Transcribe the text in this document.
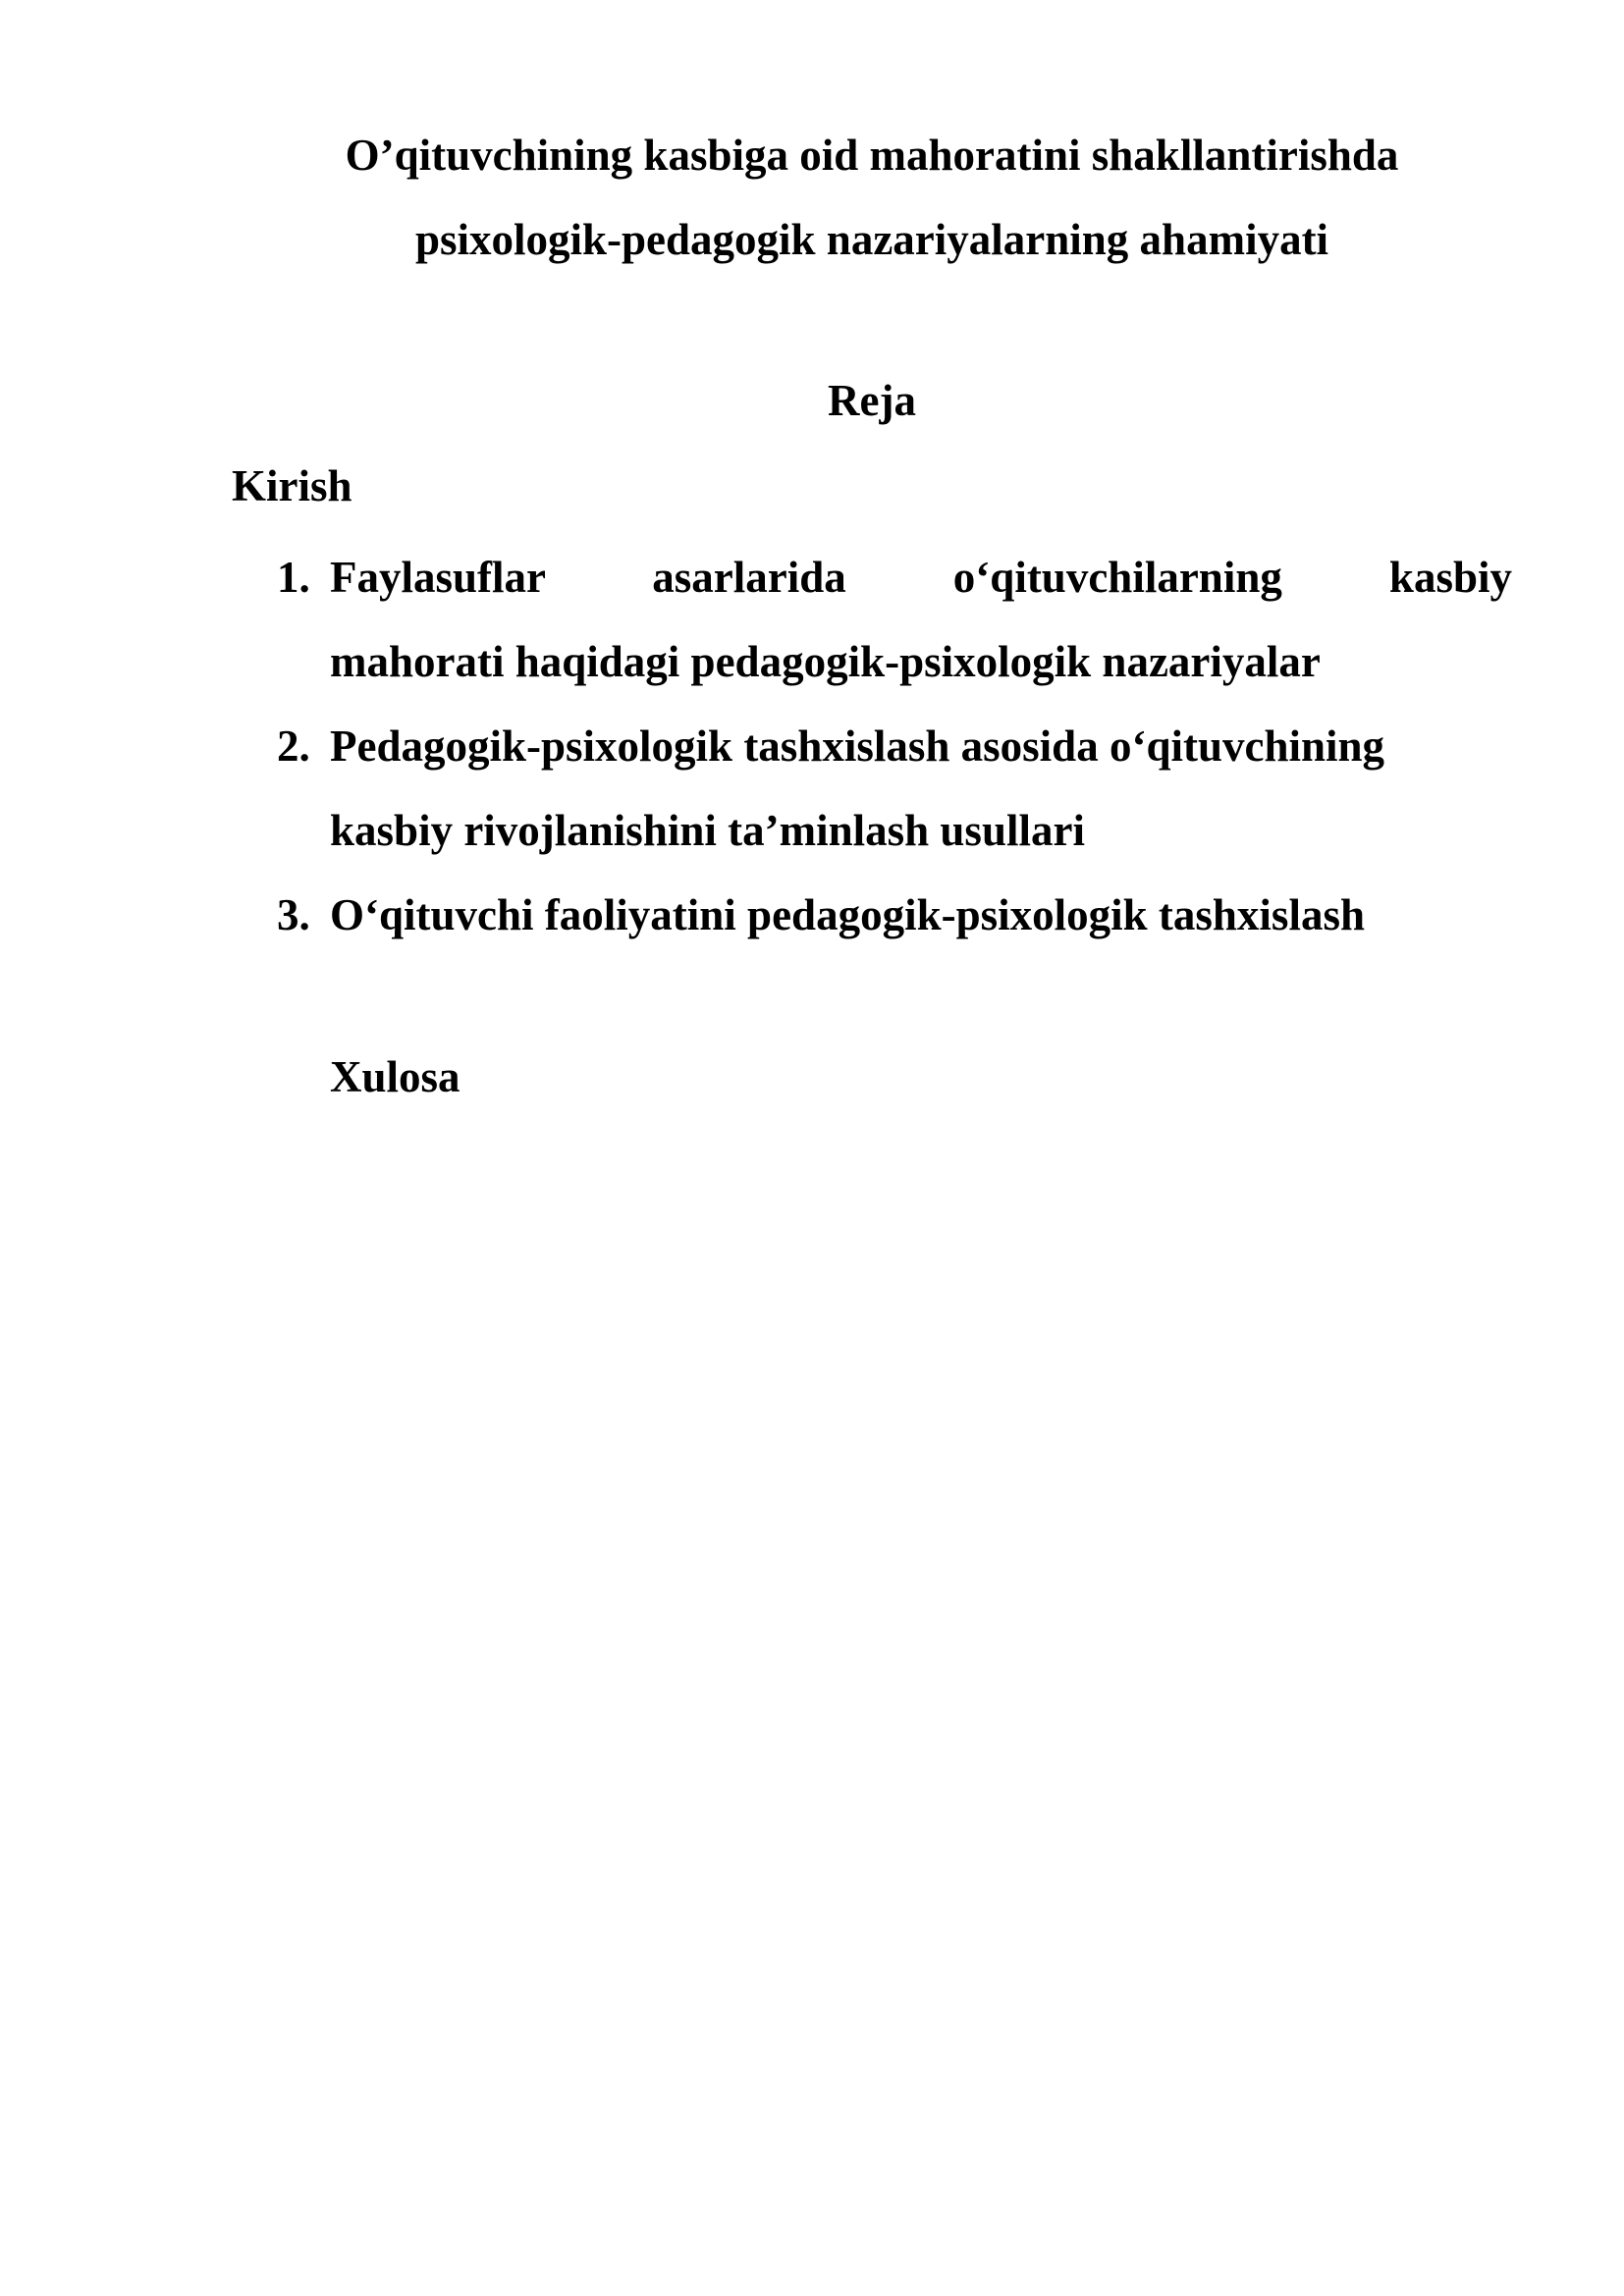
O’qituvchining kasbiga oid mahoratini shakllantirishda
psixologik-pedagogik nazariyalarning ahamiyati
Reja
Kirish
1. Faylasuflar asarlarida o‘qituvchilarning kasbiy
mahorati haqidagi pedagogik-psixologik nazariyalar
2. Pedagogik-psixologik tashxislash asosida o‘qituvchining
kasbiy rivojlanishini ta’minlash usullari
3. O‘qituvchi faoliyatini pedagogik-psixologik tashxislash
Xulosa
